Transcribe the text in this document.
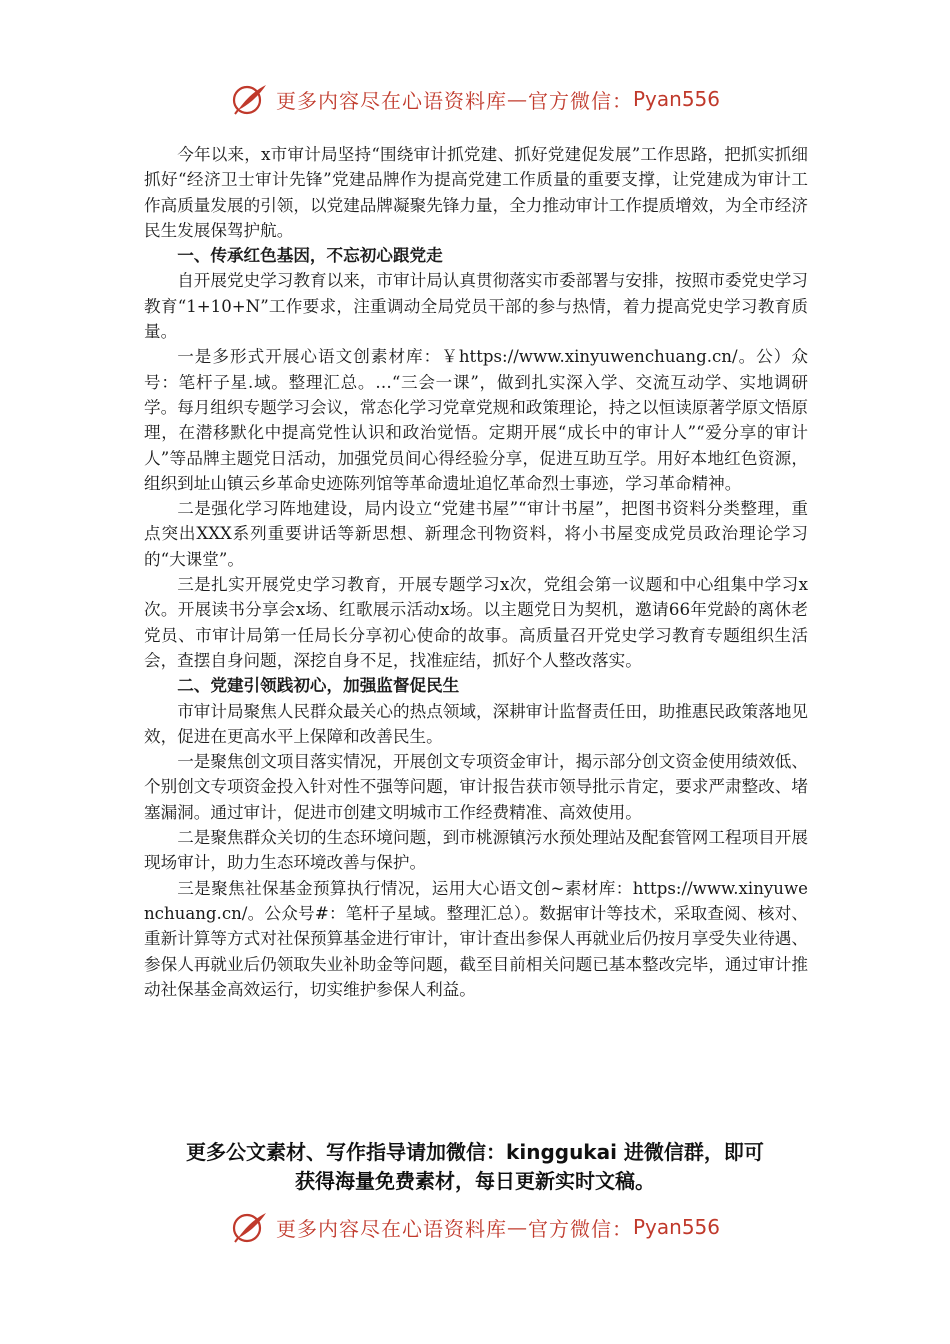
更多内容尽在心语资料库 — 官方微信： Pyan556

今年以来，x市审计局坚持“围绕审计抓党建、抓好党建促发展”工作思路，把抓实抓细抓好“经济卫士审计先锋”党建品牌作为提高党建工作质量的重要支撑，让党建成为审计工作高质量发展的引领，以党建品牌凝聚先锋力量，全力推动审计工作提质增效，为全市经济民生发展保驾护航。

一、传承红色基因，不忘初心跟党走

自开展党史学习教育以来，市审计局认真贯彻落实市委部署与安排，按照市委党史学习教育“1+10+N”工作要求，注重调动全局党员干部的参与热情，着力提高党史学习教育质量。

一是多形式开展心语文创素材库：￥https://www.xinyuwenchuang.cn/。公）众号：笔杆子星.域。整理汇总。…“三会一课”，做到扎实深入学、交流互动学、实地调研学。每月组织专题学习会议，常态化学习党章党规和政策理论，持之以恒读原著学原文悟原理，在潜移默化中提高党性认识和政治觉悟。定期开展“成长中的审计人”“爱分享的审计人”等品牌主题党日活动，加强党员间心得经验分享，促进互助互学。用好本地红色资源，组织到址山镇云乡革命史迹陈列馆等革命遗址追忆革命烈士事迹，学习革命精神。

二是强化学习阵地建设，局内设立“党建书屋”“审计书屋”，把图书资料分类整理，重点突出XXX系列重要讲话等新思想、新理念刊物资料，将小书屋变成党员政治理论学习的“大课堂”。

三是扎实开展党史学习教育，开展专题学习x次，党组会第一议题和中心组集中学习x次。开展读书分享会x场、红歌展示活动x场。以主题党日为契机，邀请66年党龄的离休老党员、市审计局第一任局长分享初心使命的故事。高质量召开党史学习教育专题组织生活会，查摆自身问题，深挖自身不足，找准症结，抓好个人整改落实。

二、党建引领践初心，加强监督促民生

市审计局聚焦人民群众最关心的热点领域，深耕审计监督责任田，助推惠民政策落地见效，促进在更高水平上保障和改善民生。

一是聚焦创文项目落实情况，开展创文专项资金审计，揭示部分创文资金使用绩效低、个别创文专项资金投入针对性不强等问题，审计报告获市领导批示肯定，要求严肃整改、堵塞漏洞。通过审计，促进市创建文明城市工作经费精准、高效使用。

二是聚焦群众关切的生态环境问题，到市桃源镇污水预处理站及配套管网工程项目开展现场审计，助力生态环境改善与保护。

三是聚焦社保基金预算执行情况，运用大心语文创~素材库：https://www.xinyuwenchuang.cn/。公众号#：笔杆子星域。整理汇总）。数据审计等技术，采取查阅、核对、重新计算等方式对社保预算基金进行审计，审计查出参保人再就业后仍按月享受失业待遇、参保人再就业后仍领取失业补助金等问题，截至目前相关问题已基本整改完毕，通过审计推动社保基金高效运行，切实维护参保人利益。

更多公文素材、写作指导请加微信：kinggukai 进微信群，即可
获得海量免费素材，每日更新实时文稿。
更多内容尽在心语资料库 — 官方微信： Pyan556
